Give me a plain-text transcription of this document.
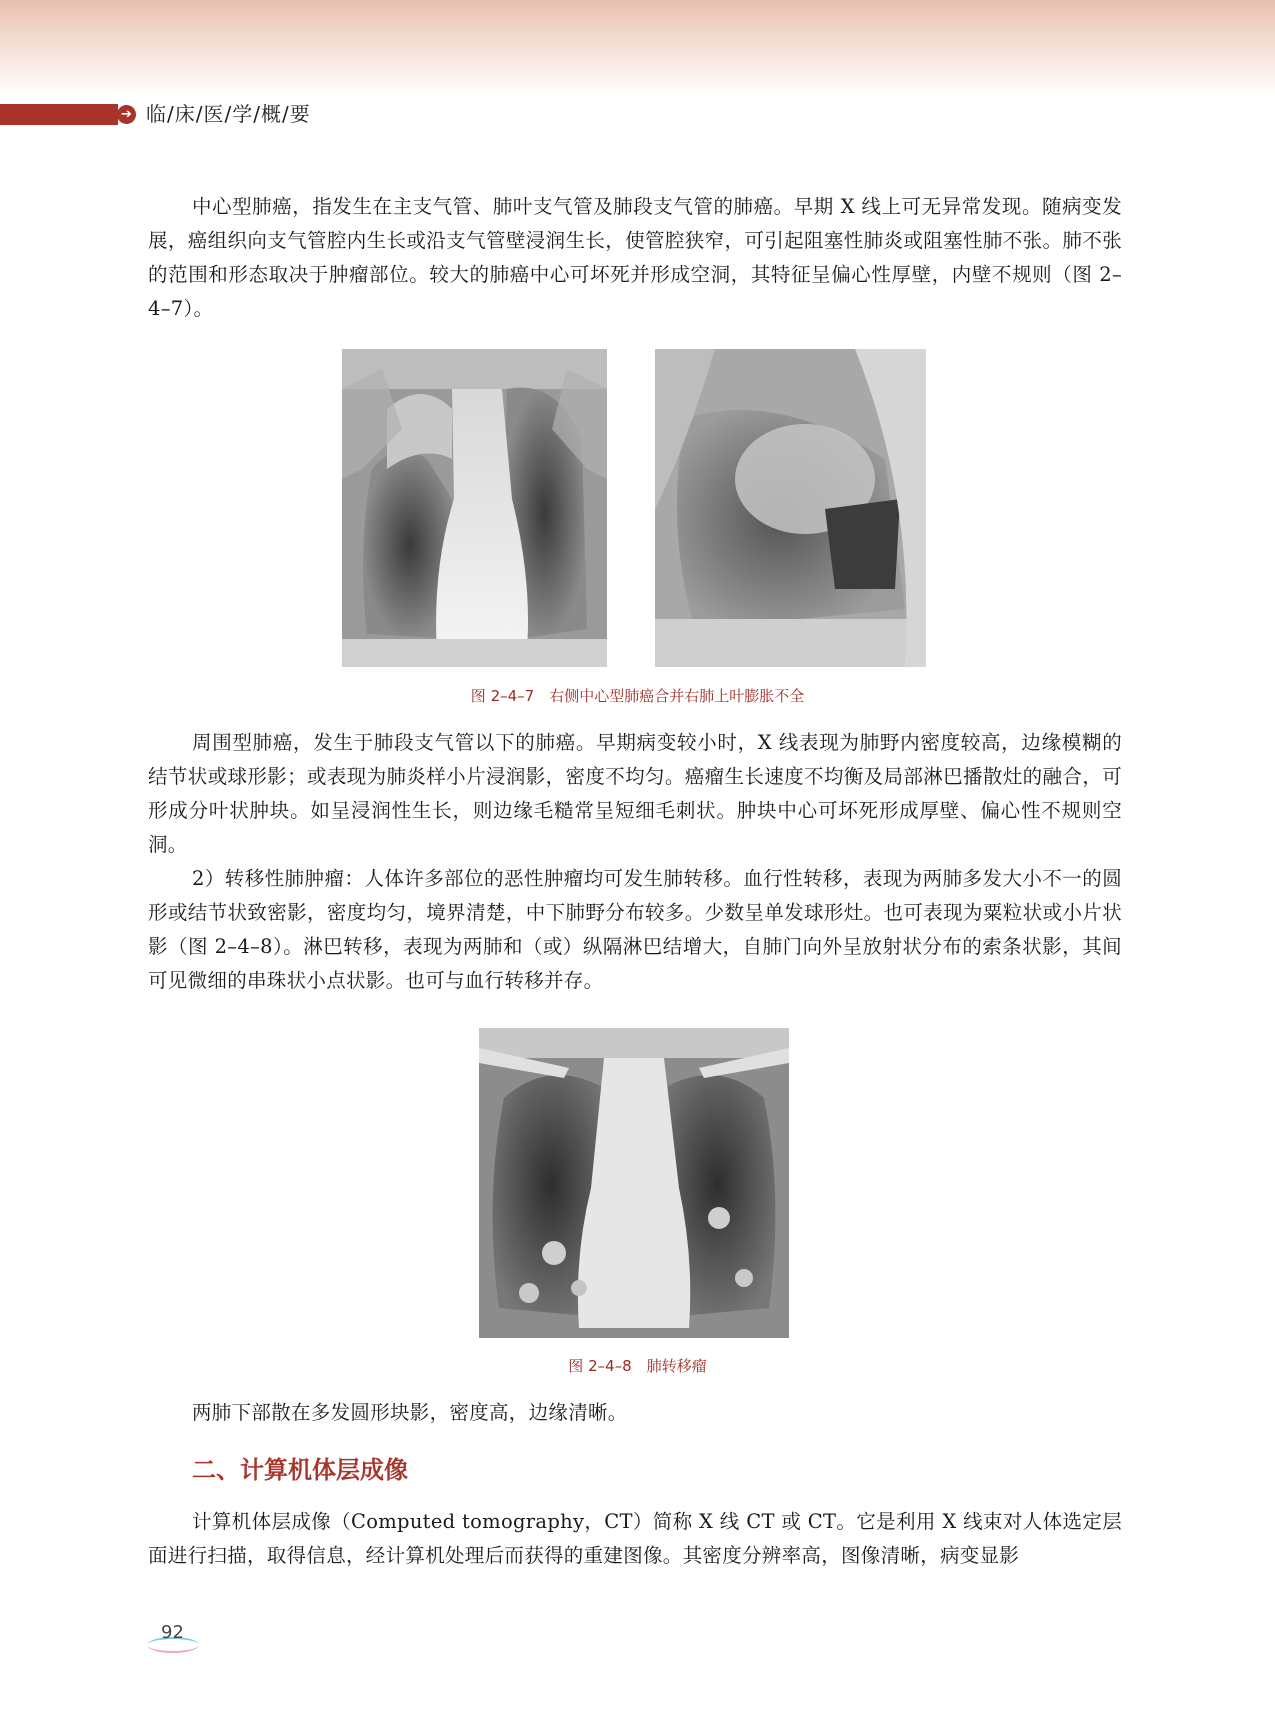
➔ 临/床/医/学/概/要

中心型肺癌，指发生在主支气管、肺叶支气管及肺段支气管的肺癌。早期 X 线上可无异常发现。随病变发展，癌组织向支气管腔内生长或沿支气管壁浸润生长，使管腔狭窄，可引起阻塞性肺炎或阻塞性肺不张。肺不张的范围和形态取决于肿瘤部位。较大的肺癌中心可坏死并形成空洞，其特征呈偏心性厚壁，内壁不规则（图 2–4–7）。

图 2–4–7　右侧中心型肺癌合并右肺上叶膨胀不全

周围型肺癌，发生于肺段支气管以下的肺癌。早期病变较小时，X 线表现为肺野内密度较高，边缘模糊的结节状或球形影；或表现为肺炎样小片浸润影，密度不均匀。癌瘤生长速度不均衡及局部淋巴播散灶的融合，可形成分叶状肿块。如呈浸润性生长，则边缘毛糙常呈短细毛刺状。肿块中心可坏死形成厚壁、偏心性不规则空洞。

2）转移性肺肿瘤：人体许多部位的恶性肿瘤均可发生肺转移。血行性转移，表现为两肺多发大小不一的圆形或结节状致密影，密度均匀，境界清楚，中下肺野分布较多。少数呈单发球形灶。也可表现为粟粒状或小片状影（图 2–4–8）。淋巴转移，表现为两肺和（或）纵隔淋巴结增大，自肺门向外呈放射状分布的索条状影，其间可见微细的串珠状小点状影。也可与血行转移并存。

图 2–4–8　肺转移瘤

两肺下部散在多发圆形块影，密度高，边缘清晰。

二、计算机体层成像

计算机体层成像（Computed tomography，CT）简称 X 线 CT 或 CT。它是利用 X 线束对人体选定层面进行扫描，取得信息，经计算机处理后而获得的重建图像。其密度分辨率高，图像清晰，病变显影

92
